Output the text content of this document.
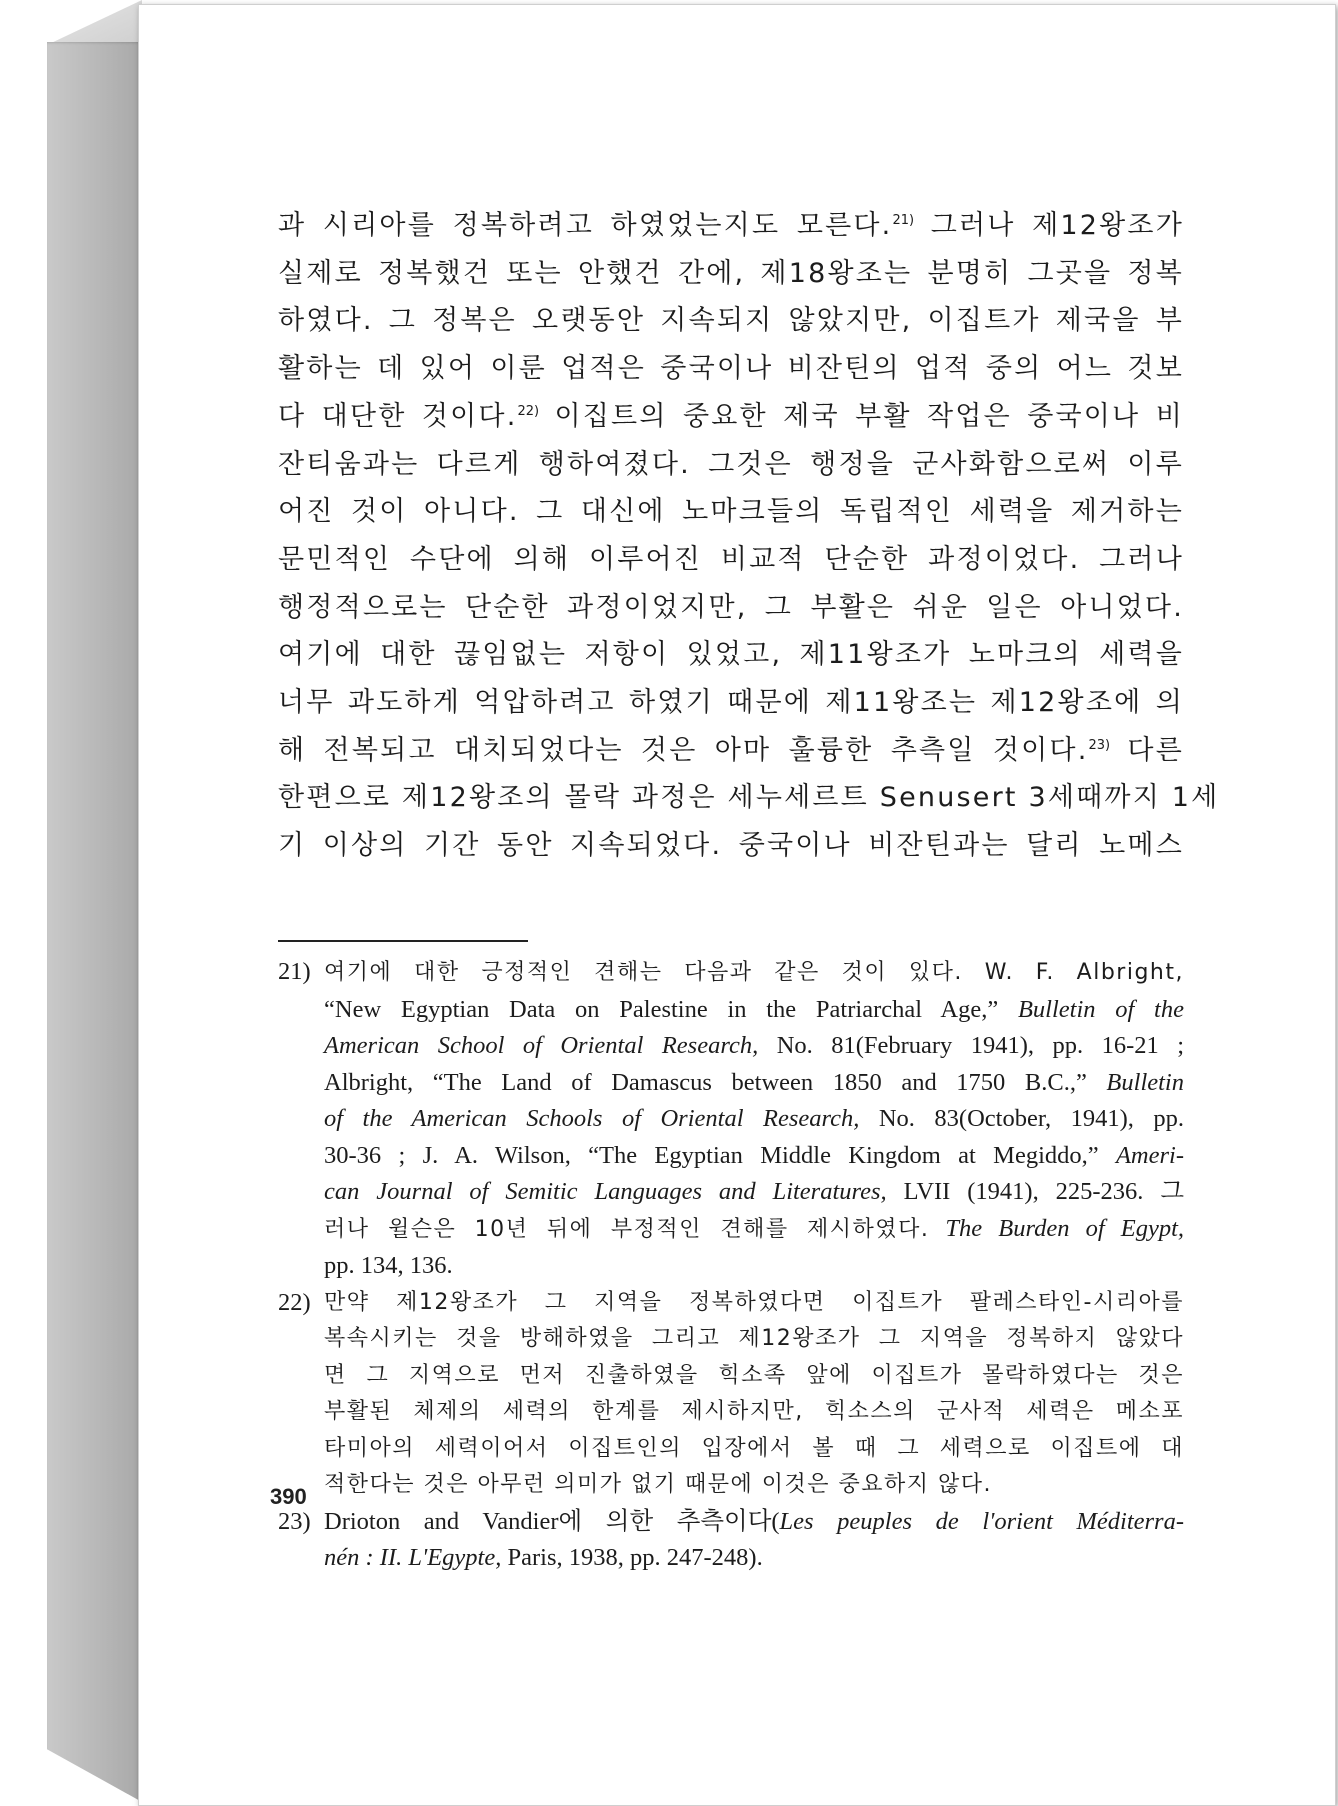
과 시리아를 정복하려고 하였었는지도 모른다.$^{21)}$ 그러나 제12왕조가
실제로 정복했건 또는 안했건 간에, 제18왕조는 분명히 그곳을 정복
하였다. 그 정복은 오랫동안 지속되지 않았지만, 이집트가 제국을 부
활하는 데 있어 이룬 업적은 중국이나 비잔틴의 업적 중의 어느 것보
다 대단한 것이다.$^{22)}$ 이집트의 중요한 제국 부활 작업은 중국이나 비
잔티움과는 다르게 행하여졌다. 그것은 행정을 군사화함으로써 이루
어진 것이 아니다. 그 대신에 노마크들의 독립적인 세력을 제거하는
문민적인 수단에 의해 이루어진 비교적 단순한 과정이었다. 그러나
행정적으로는 단순한 과정이었지만, 그 부활은 쉬운 일은 아니었다.
여기에 대한 끊임없는 저항이 있었고, 제11왕조가 노마크의 세력을
너무 과도하게 억압하려고 하였기 때문에 제11왕조는 제12왕조에 의
해 전복되고 대치되었다는 것은 아마 훌륭한 추측일 것이다.$^{23)}$ 다른
한편으로 제12왕조의 몰락 과정은 세누세르트 Senusert 3세때까지 1세
기 이상의 기간 동안 지속되었다. 중국이나 비잔틴과는 달리 노메스
21) 여기에 대한 긍정적인 견해는 다음과 같은 것이 있다. W. F. Albright,
“New Egyptian Data on Palestine in the Patriarchal Age,” Bulletin of the
American School of Oriental Research, No. 81(February 1941), pp. 16-21 ;
Albright, “The Land of Damascus between 1850 and 1750 B.C.,” Bulletin
of the American Schools of Oriental Research, No. 83(October, 1941), pp.
30-36 ; J. A. Wilson, “The Egyptian Middle Kingdom at Megiddo,” Ameri-
can Journal of Semitic Languages and Literatures, LVII (1941), 225-236. 그
러나 윌슨은 10년 뒤에 부정적인 견해를 제시하였다. The Burden of Egypt,
pp. 134, 136.
22) 만약 제12왕조가 그 지역을 정복하였다면 이집트가 팔레스타인-시리아를
복속시키는 것을 방해하였을 그리고 제12왕조가 그 지역을 정복하지 않았다
면 그 지역으로 먼저 진출하였을 힉소족 앞에 이집트가 몰락하였다는 것은
부활된 체제의 세력의 한계를 제시하지만, 힉소스의 군사적 세력은 메소포
타미아의 세력이어서 이집트인의 입장에서 볼 때 그 세력으로 이집트에 대
적한다는 것은 아무런 의미가 없기 때문에 이것은 중요하지 않다.
23) Drioton and Vandier에 의한 추측이다(Les peuples de l'orient Méditerra-
nén : II. L'Egypte, Paris, 1938, pp. 247-248).
390
